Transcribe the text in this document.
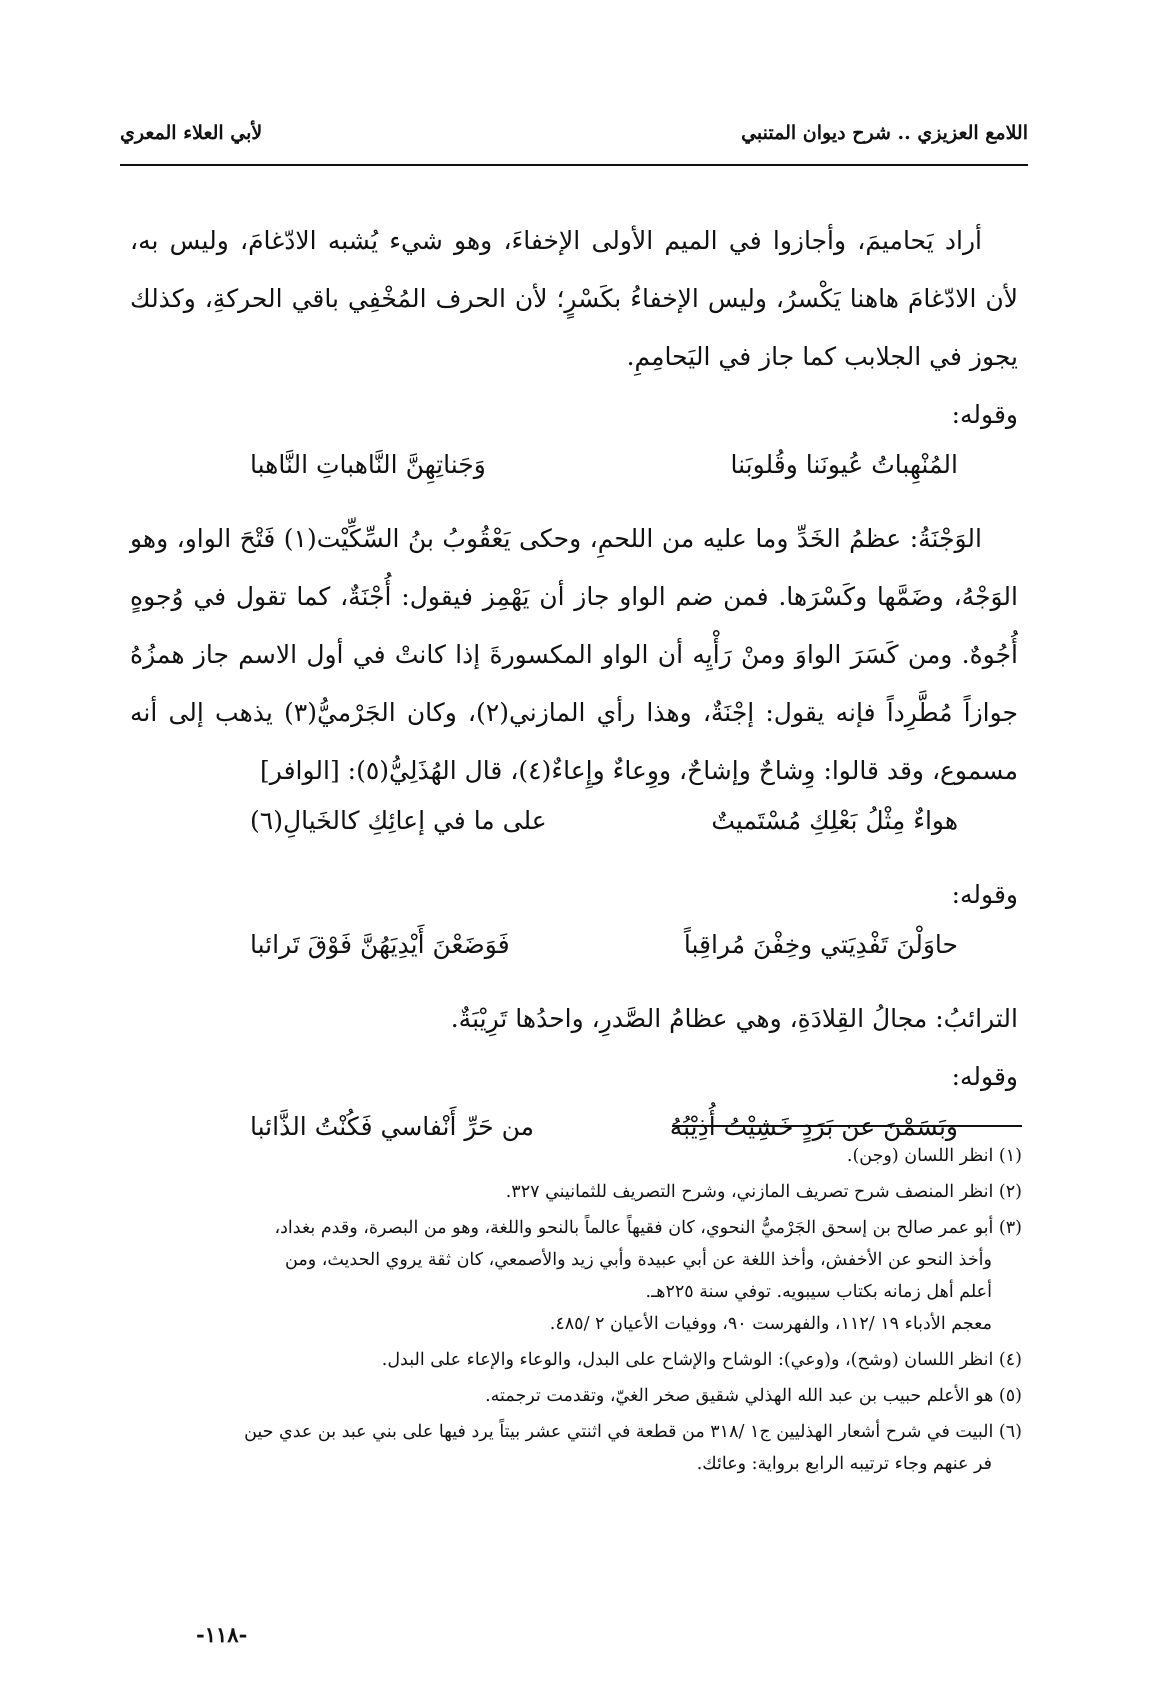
اللامع العزيزي .. شرح ديوان المتنبي
لأبي العلاء المعري

أراد يَحاميمَ، وأجازوا في الميم الأولى الإخفاءَ، وهو شيء يُشبه الادّغامَ، وليس به، لأن الادّغامَ هاهنا يَكْسرُ، وليس الإخفاءُ بكَسْرٍ؛ لأن الحرف المُخْفِي باقي الحركةِ، وكذلك يجوز في الجلابب كما جاز في اليَحامِمِ.

وقوله:

المُنْهِباتُ عُيونَنا وقُلوبَنا
وَجَناتِهِنَّ النَّاهباتِ النَّاهبا

الوَجْنَةُ: عظمُ الخَدِّ وما عليه من اللحمِ، وحكى يَعْقُوبُ بنُ السِّكِّيْت(١) فَتْحَ الواو، وهو الوَجْهُ، وضَمَّها وكَسْرَها. فمن ضم الواو جاز أن يَهْمِز فيقول: أُجْنَةٌ، كما تقول في وُجوهٍ أُجُوهٌ. ومن كَسَرَ الواوَ ومنْ رَأْيِه أن الواو المكسورةَ إذا كانتْ في أول الاسم جاز همزُهُ جوازاً مُطَّرِداً فإنه يقول: إجْنَةٌ، وهذا رأي المازني(٢)، وكان الجَرْميُّ(٣) يذهب إلى أنه مسموع، وقد قالوا: وِشاحٌ وإشاحٌ، ووِعاءٌ وإِعاءٌ(٤)، قال الهُذَلِيُّ(٥): [الوافر]

هواءٌ مِثْلُ بَعْلِكِ مُسْتَميتٌ
على ما في إعائِكِ كالخَيالِ(٦)

وقوله:

حاوَلْنَ تَفْدِيَتي وخِفْنَ مُراقِباً
فَوَضَعْنَ أَيْدِيَهُنَّ فَوْقَ تَرائبا

الترائبُ: مجالُ القِلادَةِ، وهي عظامُ الصَّدرِ، واحدُها تَرِيْبَةٌ.

وقوله:

وبَسَمْنَ عن بَرَدٍ خَشِيْتُ أُذِيْبُهُ
من حَرِّ أَنْفاسي فَكُنْتُ الذَّائبا

(١) انظر اللسان (وجن).

(٢) انظر المنصف شرح تصريف المازني، وشرح التصريف للثمانيني ٣٢٧.

(٣) أبو عمر صالح بن إسحق الجَرْميُّ النحوي، كان فقيهاً عالماً بالنحو واللغة، وهو من البصرة، وقدم بغداد،
وأخذ النحو عن الأخفش، وأخذ اللغة عن أبي عبيدة وأبي زيد والأصمعي، كان ثقة يروي الحديث، ومن
أعلم أهل زمانه بكتاب سيبويه. توفي سنة ٢٢٥هـ.
معجم الأدباء ١٩ /١١٢، والفهرست ٩٠، ووفيات الأعيان ٢ /٤٨٥.

(٤) انظر اللسان (وشح)، و(وعي): الوشاح والإشاح على البدل، والوعاء والإعاء على البدل.

(٥) هو الأعلم حبيب بن عبد الله الهذلي شقيق صخر الغيّ، وتقدمت ترجمته.

(٦) البيت في شرح أشعار الهذليين ج١ /٣١٨ من قطعة في اثنتي عشر بيتاً يرد فيها على بني عبد بن عدي حين
فر عنهم وجاء ترتيبه الرابع برواية: وعائك.

-١١٨-
